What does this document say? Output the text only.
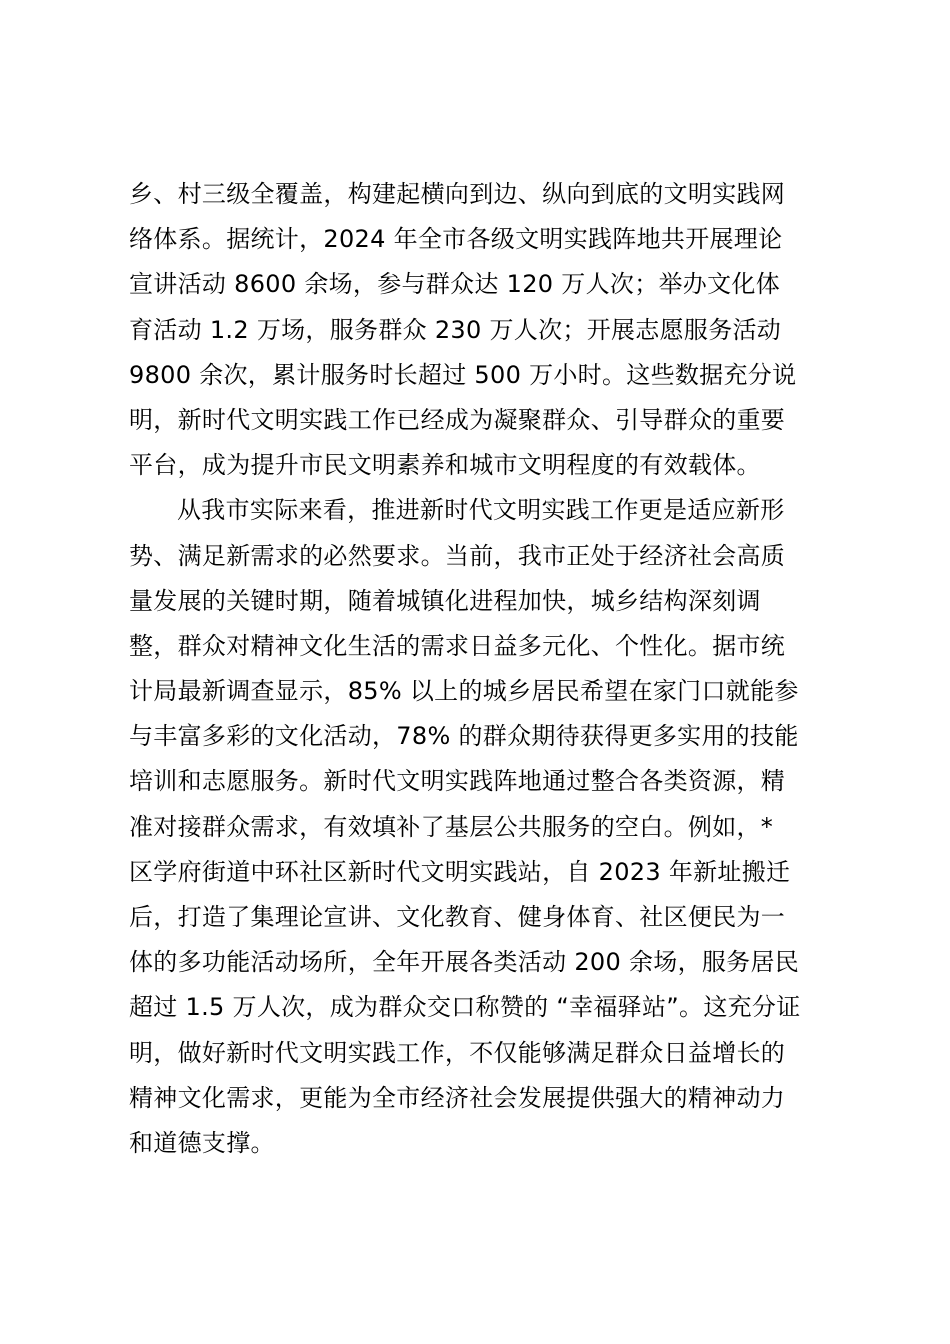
乡、村三级全覆盖，构建起横向到边、纵向到底的文明实践网
络体系。据统计，2024 年全市各级文明实践阵地共开展理论
宣讲活动 8600 余场，参与群众达 120 万人次；举办文化体
育活动 1.2 万场，服务群众 230 万人次；开展志愿服务活动
9800 余次，累计服务时长超过 500 万小时。这些数据充分说
明，新时代文明实践工作已经成为凝聚群众、引导群众的重要
平台，成为提升市民文明素养和城市文明程度的有效载体。
从我市实际来看，推进新时代文明实践工作更是适应新形
势、满足新需求的必然要求。当前，我市正处于经济社会高质
量发展的关键时期，随着城镇化进程加快，城乡结构深刻调
整，群众对精神文化生活的需求日益多元化、个性化。据市统
计局最新调查显示，85% 以上的城乡居民希望在家门口就能参
与丰富多彩的文化活动，78% 的群众期待获得更多实用的技能
培训和志愿服务。新时代文明实践阵地通过整合各类资源，精
准对接群众需求，有效填补了基层公共服务的空白。例如，*
区学府街道中环社区新时代文明实践站，自 2023 年新址搬迁
后，打造了集理论宣讲、文化教育、健身体育、社区便民为一
体的多功能活动场所，全年开展各类活动 200 余场，服务居民
超过 1.5 万人次，成为群众交口称赞的 “幸福驿站”。这充分证
明，做好新时代文明实践工作，不仅能够满足群众日益增长的
精神文化需求，更能为全市经济社会发展提供强大的精神动力
和道德支撑。
